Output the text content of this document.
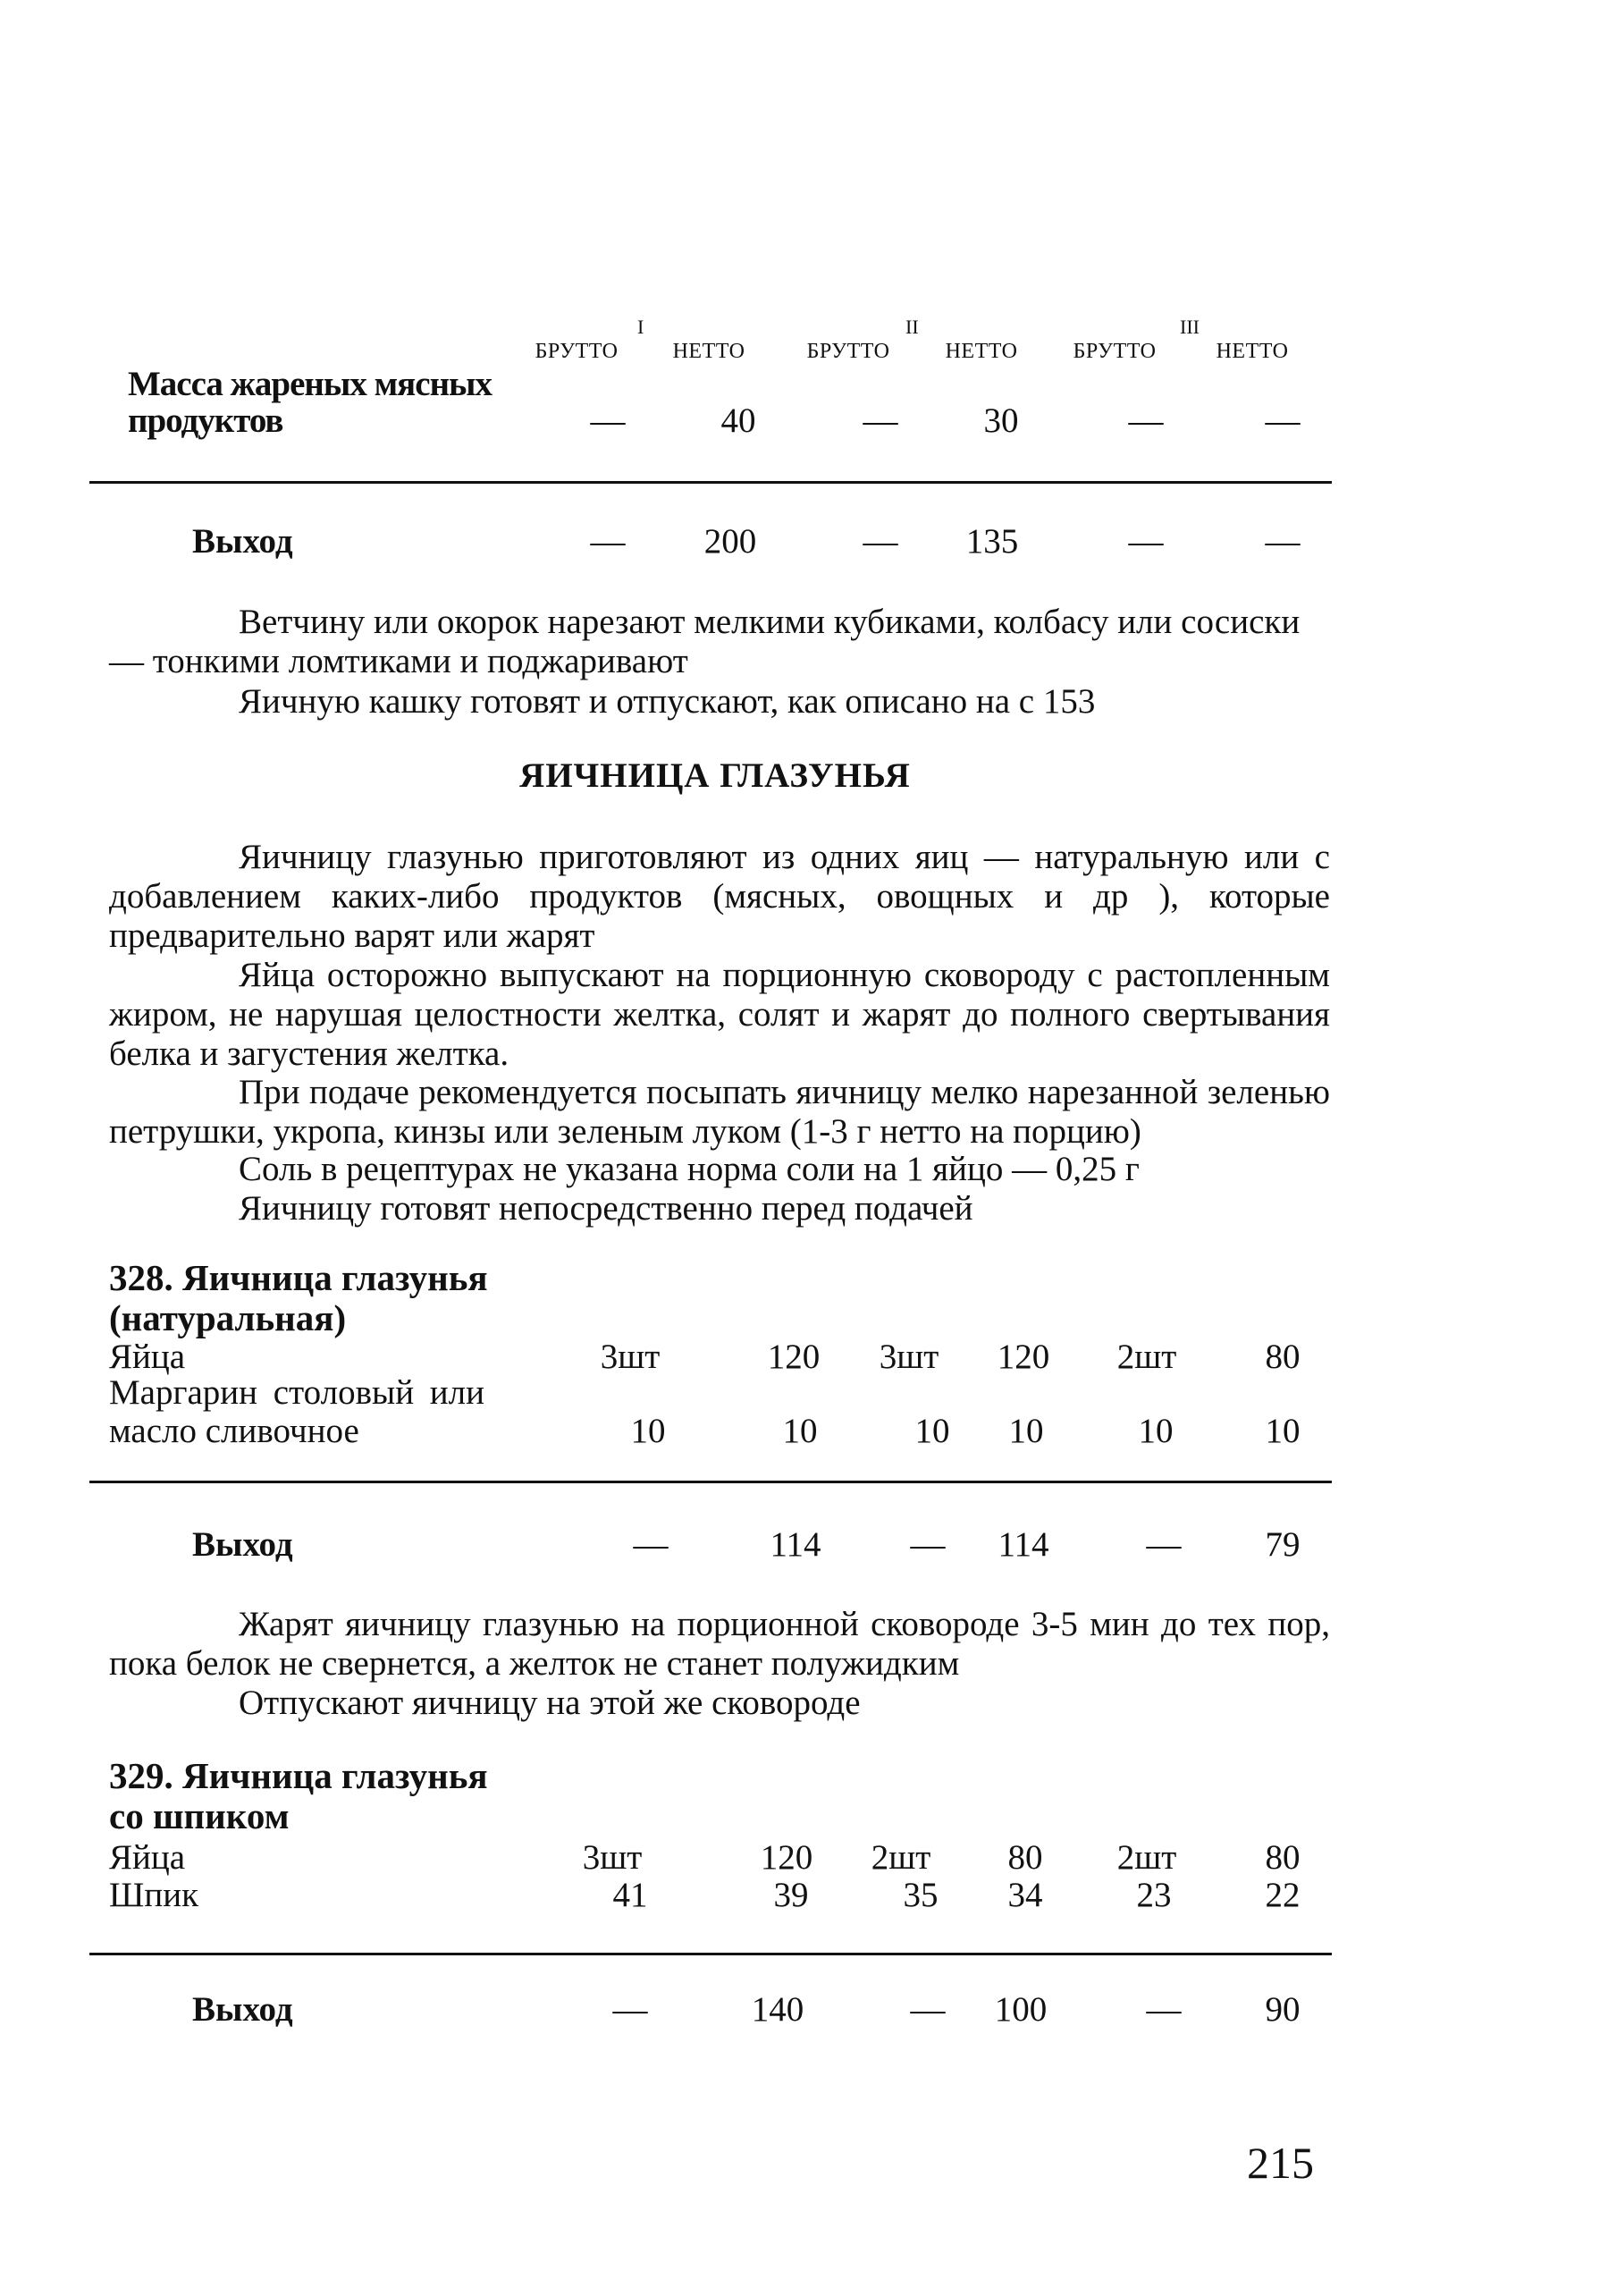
I	II	III
БРУТТО	НЕТТО	БРУТТО	НЕТТО	БРУТТО	НЕТТО
Масса жареных мясных
продуктов	—	40	—	30	—	—
Выход	—	200	—	135	—	—
Ветчину или окорок нарезают мелкими кубиками, колбасу или сосиски
— тонкими ломтиками и поджаривают
Яичную кашку готовят и отпускают, как описано на с 153
ЯИЧНИЦА ГЛАЗУНЬЯ
Яичницу глазунью приготовляют из одних яиц — натуральную или с добавлением каких-либо продуктов (мясных, овощных и др ), которые предварительно варят или жарят
Яйца осторожно выпускают на порционную сковороду с растопленным жиром, не нарушая целостности желтка, солят и жарят до полного свертывания белка и загустения желтка.
При подаче рекомендуется посыпать яичницу мелко нарезанной зеленью петрушки, укропа, кинзы или зеленым луком (1-3 г нетто на порцию)
Соль в рецептурах не указана норма соли на 1 яйцо — 0,25 г
Яичницу готовят непосредственно перед подачей
328. Яичница глазунья
(натуральная)
Яйца	3шт	120	3шт	120	2шт	80
Маргарин столовый или
масло сливочное	10	10	10	10	10	10
Выход	—	114	—	114	—	79
Жарят яичницу глазунью на порционной сковороде 3-5 мин до тех пор, пока белок не свернется, а желток не станет полужидким
Отпускают яичницу на этой же сковороде
329. Яичница глазунья
со шпиком
Яйца	3шт	120	2шт	80	2шт	80
Шпик	41	39	35	34	23	22
Выход	—	140	—	100	—	90
215
